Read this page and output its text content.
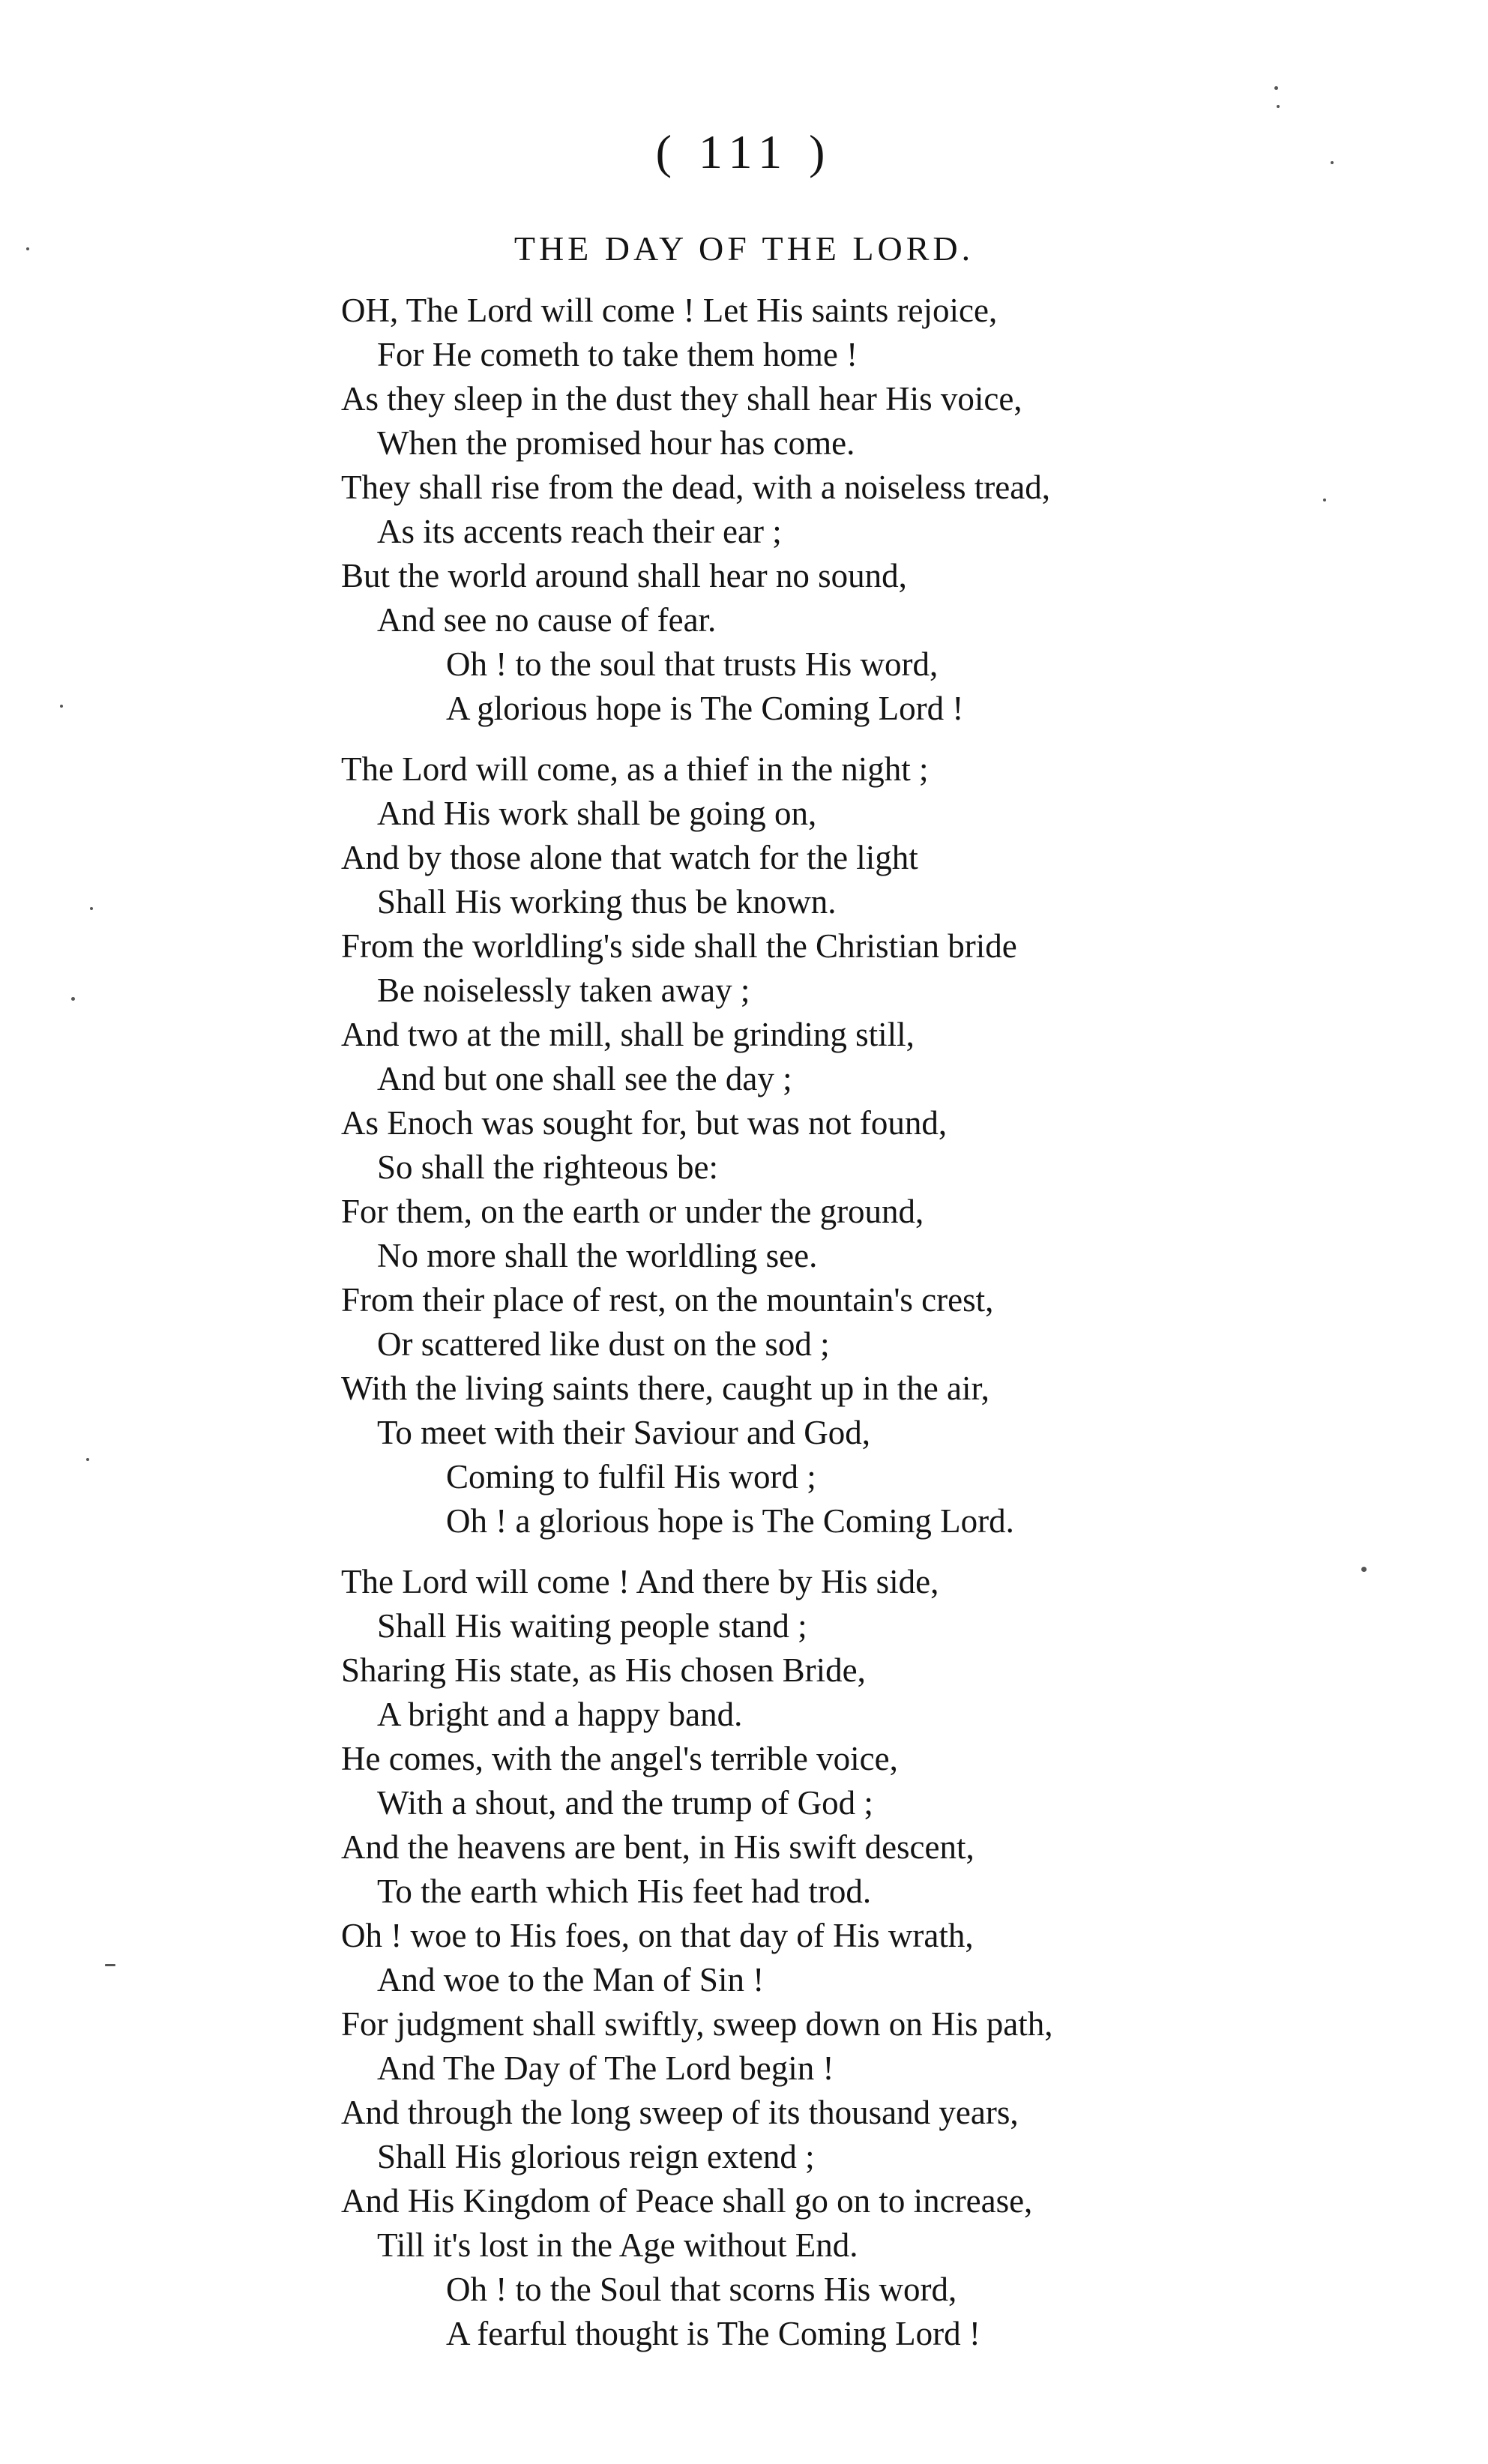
( 111 )
THE DAY OF THE LORD.
OH, The Lord will come ! Let His saints rejoice,
For He cometh to take them home !
As they sleep in the dust they shall hear His voice,
When the promised hour has come.
They shall rise from the dead, with a noiseless tread,
As its accents reach their ear ;
But the world around shall hear no sound,
And see no cause of fear.
Oh ! to the soul that trusts His word,
A glorious hope is The Coming Lord !
The Lord will come, as a thief in the night ;
And His work shall be going on,
And by those alone that watch for the light
Shall His working thus be known.
From the worldling's side shall the Christian bride
Be noiselessly taken away ;
And two at the mill, shall be grinding still,
And but one shall see the day ;
As Enoch was sought for, but was not found,
So shall the righteous be:
For them, on the earth or under the ground,
No more shall the worldling see.
From their place of rest, on the mountain's crest,
Or scattered like dust on the sod ;
With the living saints there, caught up in the air,
To meet with their Saviour and God,
Coming to fulfil His word ;
Oh ! a glorious hope is The Coming Lord.
The Lord will come ! And there by His side,
Shall His waiting people stand ;
Sharing His state, as His chosen Bride,
A bright and a happy band.
He comes, with the angel's terrible voice,
With a shout, and the trump of God ;
And the heavens are bent, in His swift descent,
To the earth which His feet had trod.
Oh ! woe to His foes, on that day of His wrath,
And woe to the Man of Sin !
For judgment shall swiftly, sweep down on His path,
And The Day of The Lord begin !
And through the long sweep of its thousand years,
Shall His glorious reign extend ;
And His Kingdom of Peace shall go on to increase,
Till it's lost in the Age without End.
Oh ! to the Soul that scorns His word,
A fearful thought is The Coming Lord !
